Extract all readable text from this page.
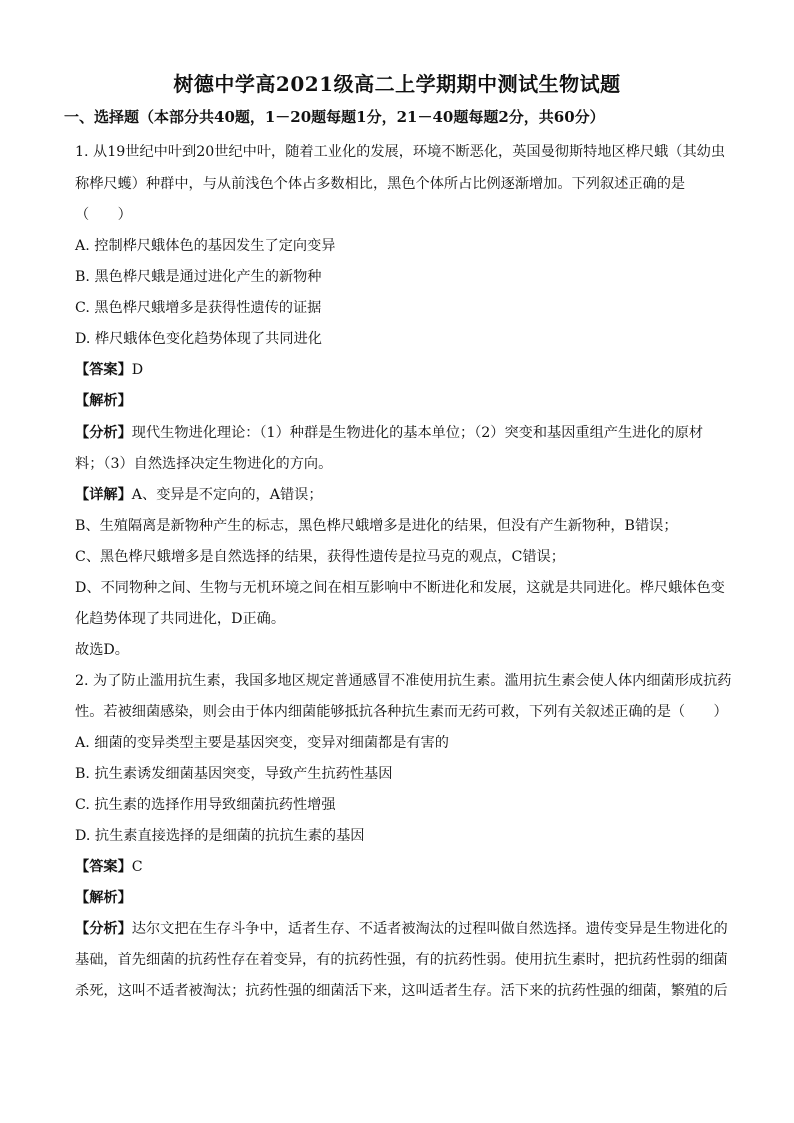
树德中学高2021级高二上学期期中测试生物试题
一、选择题（本部分共40题，1－20题每题1分，21－40题每题2分，共60分）
1. 从19世纪中叶到20世纪中叶，随着工业化的发展，环境不断恶化，英国曼彻斯特地区桦尺蛾（其幼虫
称桦尺蠖）种群中，与从前浅色个体占多数相比，黑色个体所占比例逐渐增加。下列叙述正确的是
（　　）
A. 控制桦尺蛾体色的基因发生了定向变异
B. 黑色桦尺蛾是通过进化产生的新物种
C. 黑色桦尺蛾增多是获得性遗传的证据
D. 桦尺蛾体色变化趋势体现了共同进化
【答案】D
【解析】
【分析】现代生物进化理论：（1）种群是生物进化的基本单位；（2）突变和基因重组产生进化的原材
料；（3）自然选择决定生物进化的方向。
【详解】A、变异是不定向的，A错误；
B、生殖隔离是新物种产生的标志，黑色桦尺蛾增多是进化的结果，但没有产生新物种，B错误；
C、黑色桦尺蛾增多是自然选择的结果，获得性遗传是拉马克的观点，C错误；
D、不同物种之间、生物与无机环境之间在相互影响中不断进化和发展，这就是共同进化。桦尺蛾体色变
化趋势体现了共同进化，D正确。
故选D。
2. 为了防止滥用抗生素，我国多地区规定普通感冒不准使用抗生素。滥用抗生素会使人体内细菌形成抗药
性。若被细菌感染，则会由于体内细菌能够抵抗各种抗生素而无药可救，下列有关叙述正确的是（　　）
A. 细菌的变异类型主要是基因突变，变异对细菌都是有害的
B. 抗生素诱发细菌基因突变，导致产生抗药性基因
C. 抗生素的选择作用导致细菌抗药性增强
D. 抗生素直接选择的是细菌的抗抗生素的基因
【答案】C
【解析】
【分析】达尔文把在生存斗争中，适者生存、不适者被淘汰的过程叫做自然选择。遗传变异是生物进化的
基础，首先细菌的抗药性存在着变异，有的抗药性强，有的抗药性弱。使用抗生素时，把抗药性弱的细菌
杀死，这叫不适者被淘汰；抗药性强的细菌活下来，这叫适者生存。活下来的抗药性强的细菌，繁殖的后
